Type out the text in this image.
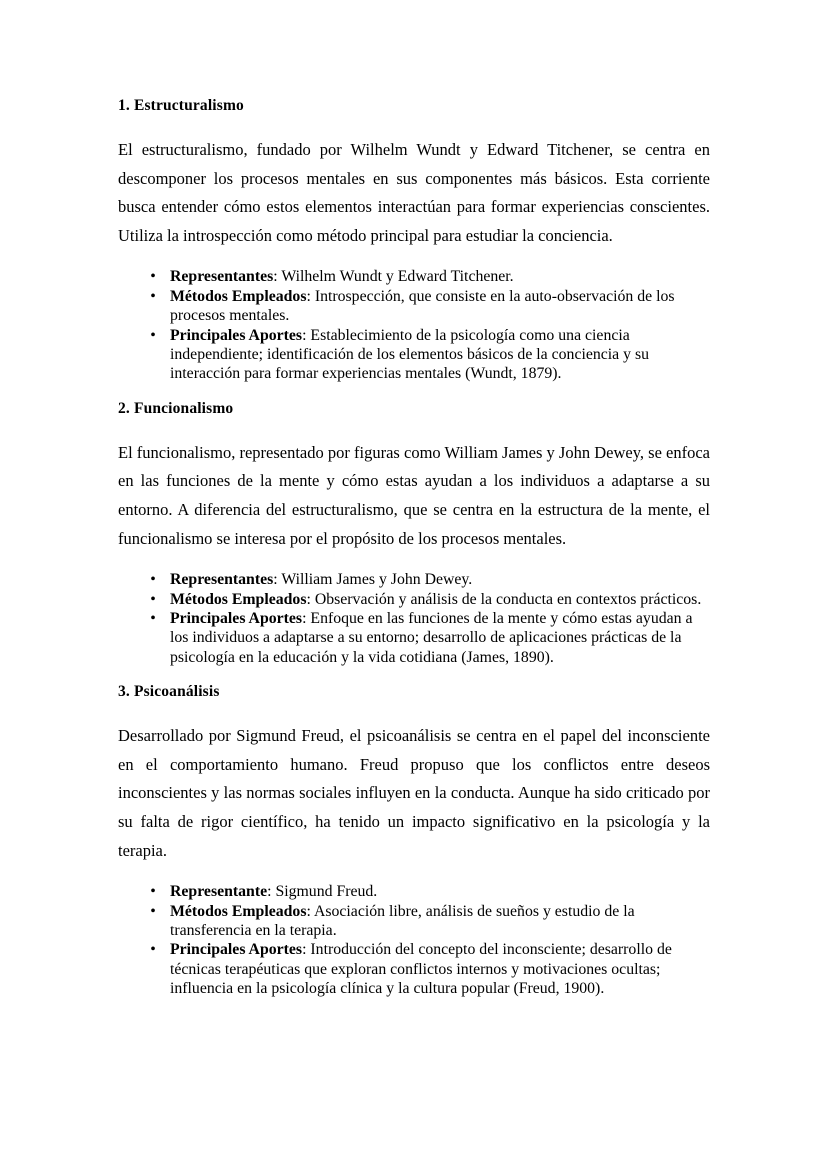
1. Estructuralismo

El estructuralismo, fundado por Wilhelm Wundt y Edward Titchener, se centra en descomponer los procesos mentales en sus componentes más básicos. Esta corriente busca entender cómo estos elementos interactúan para formar experiencias conscientes. Utiliza la introspección como método principal para estudiar la conciencia.

• Representantes: Wilhelm Wundt y Edward Titchener.
• Métodos Empleados: Introspección, que consiste en la auto-observación de los procesos mentales.
• Principales Aportes: Establecimiento de la psicología como una ciencia independiente; identificación de los elementos básicos de la conciencia y su interacción para formar experiencias mentales (Wundt, 1879).
2. Funcionalismo

El funcionalismo, representado por figuras como William James y John Dewey, se enfoca en las funciones de la mente y cómo estas ayudan a los individuos a adaptarse a su entorno. A diferencia del estructuralismo, que se centra en la estructura de la mente, el funcionalismo se interesa por el propósito de los procesos mentales.

• Representantes: William James y John Dewey.
• Métodos Empleados: Observación y análisis de la conducta en contextos prácticos.
• Principales Aportes: Enfoque en las funciones de la mente y cómo estas ayudan a los individuos a adaptarse a su entorno; desarrollo de aplicaciones prácticas de la psicología en la educación y la vida cotidiana (James, 1890).
3. Psicoanálisis

Desarrollado por Sigmund Freud, el psicoanálisis se centra en el papel del inconsciente en el comportamiento humano. Freud propuso que los conflictos entre deseos inconscientes y las normas sociales influyen en la conducta. Aunque ha sido criticado por su falta de rigor científico, ha tenido un impacto significativo en la psicología y la terapia.

• Representante: Sigmund Freud.
• Métodos Empleados: Asociación libre, análisis de sueños y estudio de la transferencia en la terapia.
• Principales Aportes: Introducción del concepto del inconsciente; desarrollo de técnicas terapéuticas que exploran conflictos internos y motivaciones ocultas; influencia en la psicología clínica y la cultura popular (Freud, 1900).
